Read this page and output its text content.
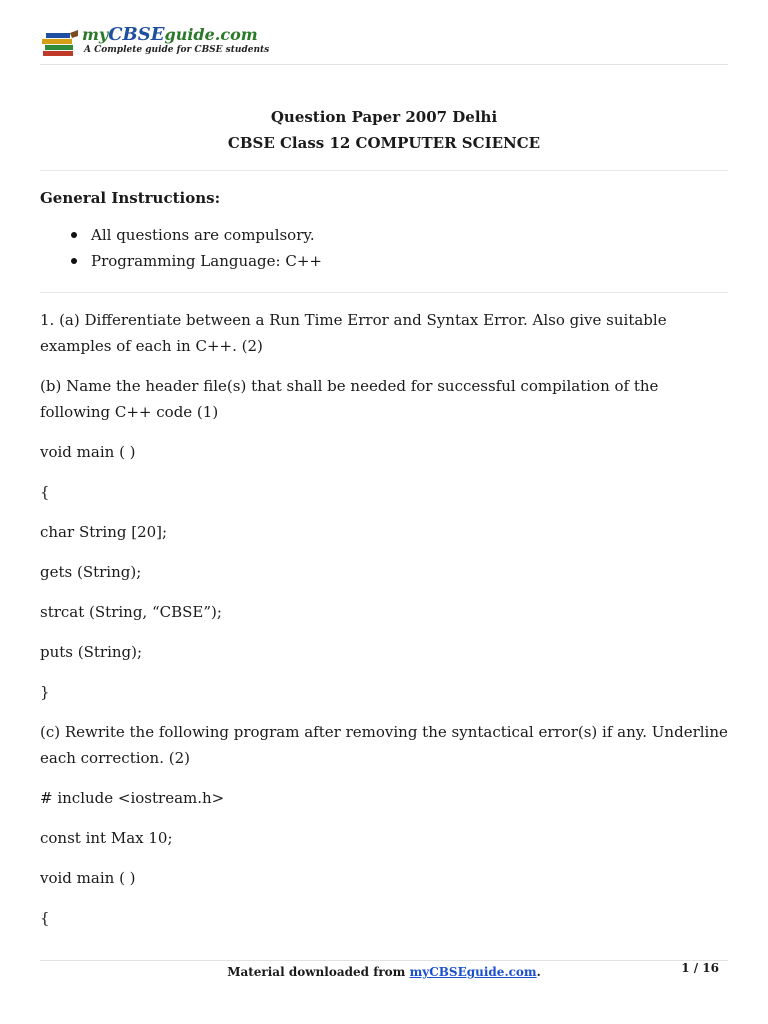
myCBSEguide.com
A Complete guide for CBSE students
Question Paper 2007 Delhi
CBSE Class 12 COMPUTER SCIENCE

General Instructions:

All questions are compulsory.
Programming Language: C++

1. (a) Differentiate between a Run Time Error and Syntax Error. Also give suitable examples of each in C++. (2)

(b) Name the header file(s) that shall be needed for successful compilation of the following C++ code (1)

void main ( )

{

char String [20];

gets (String);

strcat (String, “CBSE”);

puts (String);

}

(c) Rewrite the following program after removing the syntactical error(s) if any. Underline each correction. (2)

# include <iostream.h>

const int Max 10;

void main ( )

{

Material downloaded from myCBSEguide.com.	1 / 16
